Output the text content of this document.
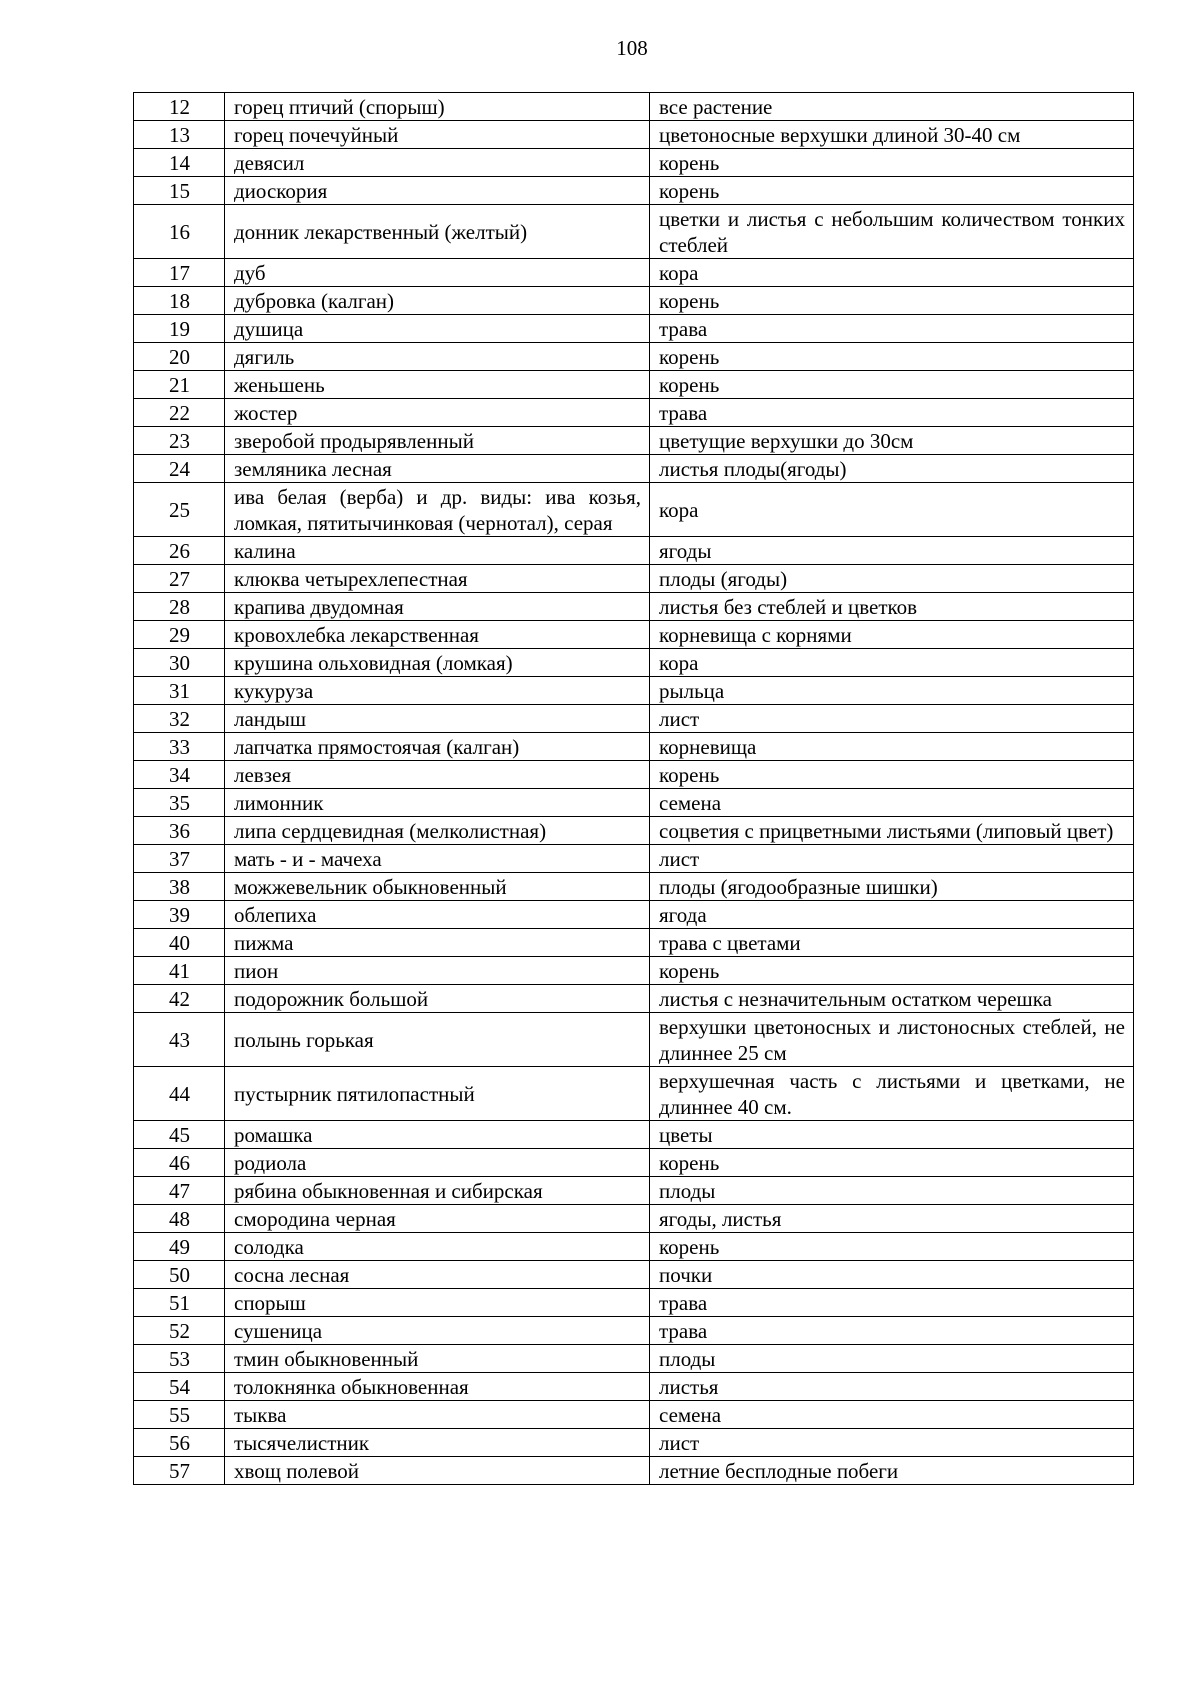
108
12	горец птичий (спорыш)	все растение
13	горец почечуйный	цветоносные верхушки длиной 30-40 см
14	девясил	корень
15	диоскория	корень
16	донник лекарственный (желтый)	цветки и листья с небольшим количеством тонких стеблей
17	дуб	кора
18	дубровка (калган)	корень
19	душица	трава
20	дягиль	корень
21	женьшень	корень
22	жостер	трава
23	зверобой продырявленный	цветущие верхушки до 30см
24	земляника лесная	листья плоды(ягоды)
25	ива белая (верба) и др. виды: ива козья, ломкая, пятитычинковая (чернотал), серая	кора
26	калина	ягоды
27	клюква четырехлепестная	плоды (ягоды)
28	крапива двудомная	листья без стеблей и цветков
29	кровохлебка лекарственная	корневища с корнями
30	крушина ольховидная (ломкая)	кора
31	кукуруза	рыльца
32	ландыш	лист
33	лапчатка прямостоячая (калган)	корневища
34	левзея	корень
35	лимонник	семена
36	липа сердцевидная (мелколистная)	соцветия с прицветными листьями (липовый цвет)
37	мать - и - мачеха	лист
38	можжевельник обыкновенный	плоды (ягодообразные шишки)
39	облепиха	ягода
40	пижма	трава с цветами
41	пион	корень
42	подорожник большой	листья с незначительным остатком черешка
43	полынь горькая	верхушки цветоносных и листоносных стеблей, не длиннее 25 см
44	пустырник пятилопастный	верхушечная часть с листьями и цветками, не длиннее 40 см.
45	ромашка	цветы
46	родиола	корень
47	рябина обыкновенная и сибирская	плоды
48	смородина черная	ягоды, листья
49	солодка	корень
50	сосна лесная	почки
51	спорыш	трава
52	сушеница	трава
53	тмин обыкновенный	плоды
54	толокнянка обыкновенная	листья
55	тыква	семена
56	тысячелистник	лист
57	хвощ полевой	летние бесплодные побеги
